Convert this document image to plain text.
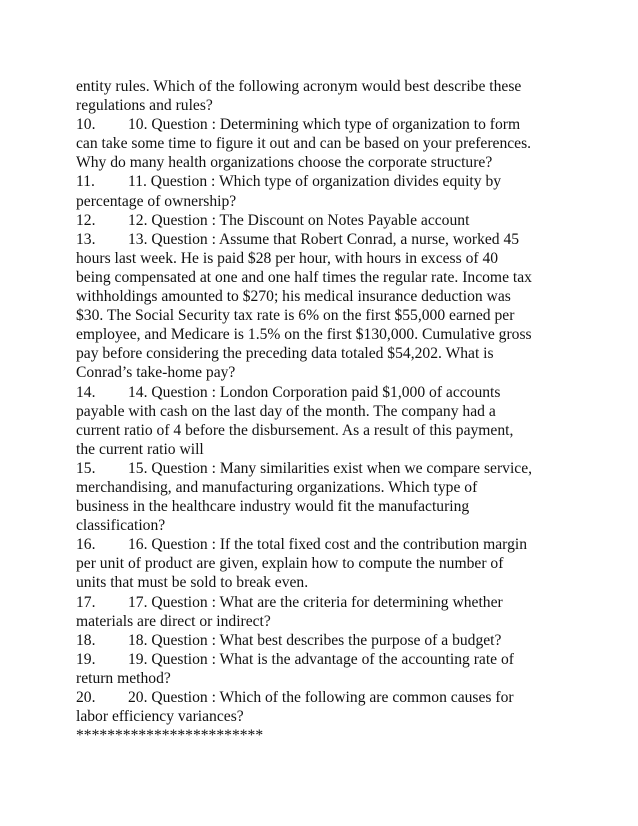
entity rules. Which of the following acronym would best describe these
regulations and rules?
10. 10. Question : Determining which type of organization to form
can take some time to figure it out and can be based on your preferences.
Why do many health organizations choose the corporate structure?
11. 11. Question : Which type of organization divides equity by
percentage of ownership?
12. 12. Question : The Discount on Notes Payable account
13. 13. Question : Assume that Robert Conrad, a nurse, worked 45
hours last week. He is paid $28 per hour, with hours in excess of 40
being compensated at one and one half times the regular rate. Income tax
withholdings amounted to $270; his medical insurance deduction was
$30. The Social Security tax rate is 6% on the first $55,000 earned per
employee, and Medicare is 1.5% on the first $130,000. Cumulative gross
pay before considering the preceding data totaled $54,202. What is
Conrad’s take-home pay?
14. 14. Question : London Corporation paid $1,000 of accounts
payable with cash on the last day of the month. The company had a
current ratio of 4 before the disbursement. As a result of this payment,
the current ratio will
15. 15. Question : Many similarities exist when we compare service,
merchandising, and manufacturing organizations. Which type of
business in the healthcare industry would fit the manufacturing
classification?
16. 16. Question : If the total fixed cost and the contribution margin
per unit of product are given, explain how to compute the number of
units that must be sold to break even.
17. 17. Question : What are the criteria for determining whether
materials are direct or indirect?
18. 18. Question : What best describes the purpose of a budget?
19. 19. Question : What is the advantage of the accounting rate of
return method?
20. 20. Question : Which of the following are common causes for
labor efficiency variances?
************************
